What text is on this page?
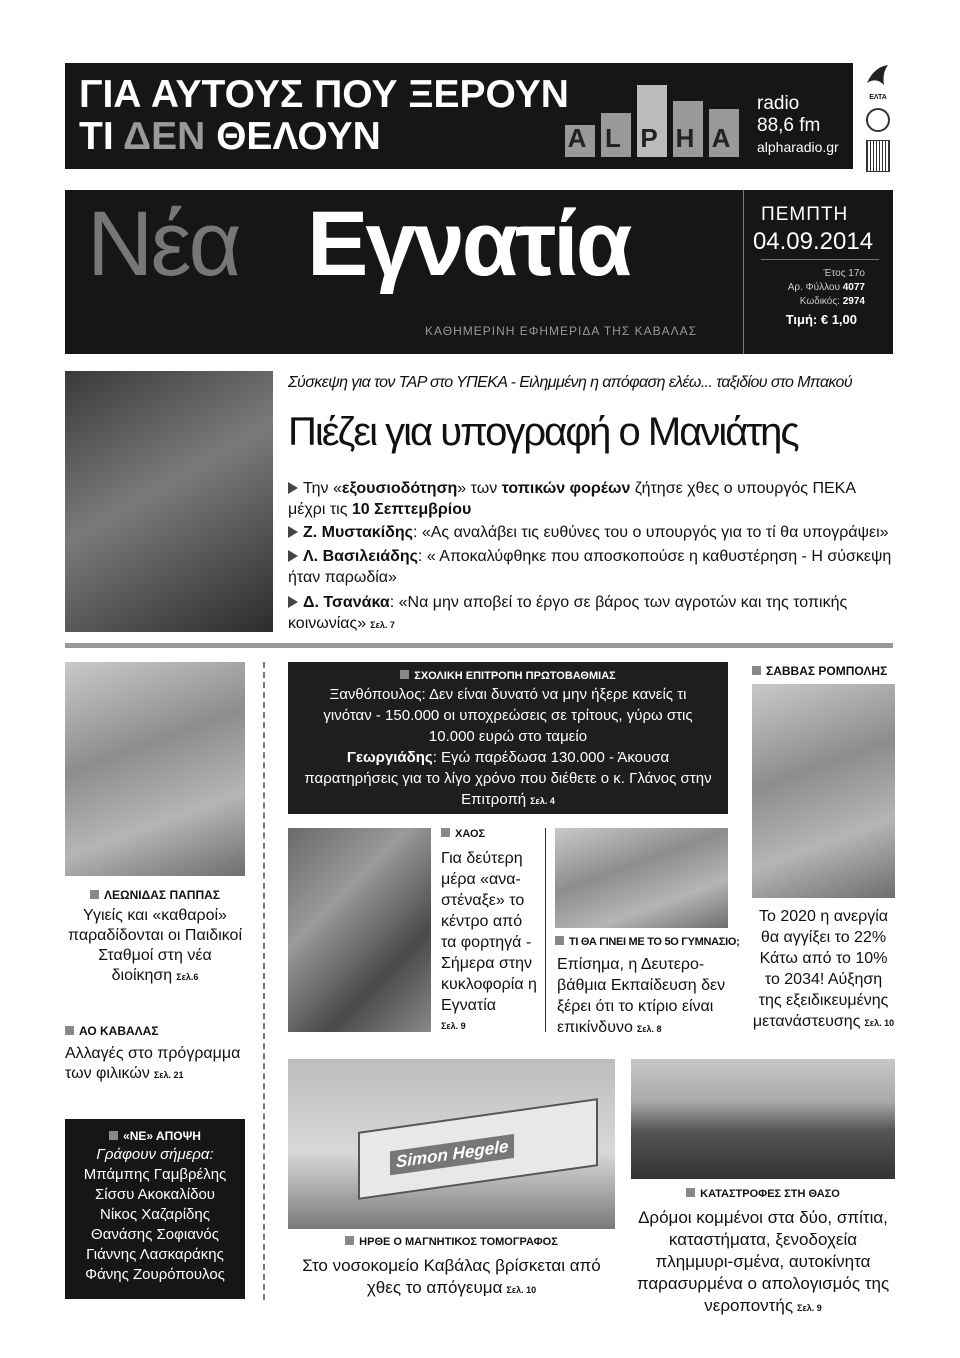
ΓΙΑ ΑΥΤΟΥΣ ΠΟΥ ΞΕΡΟΥΝ
ΤΙ ΔΕΝ ΘΕΛΟΥΝ	A L P H A
radio
88,6 fm
alpharadio.gr
ΕΛΤΑ
Νέα Εγνατία
ΚΑΘΗΜΕΡΙΝΗ ΕΦΗΜΕΡΙΔΑ ΤΗΣ ΚΑΒΑΛΑΣ
ΠΕΜΠΤΗ
04.09.2014
Έτος 17ο
Αρ. Φύλλου 4077
Κωδικός: 2974
Τιμή: € 1,00
Σύσκεψη για τον TAP στο ΥΠΕΚΑ - Ειλημμένη η απόφαση ελέω... ταξιδίου στο Μπακού
Πιέζει για υπογραφή ο Μανιάτης
Την «εξουσιοδότηση» των τοπικών φορέων ζήτησε χθες ο υπουργός ΠΕΚΑ μέχρι τις 10 Σεπτεμβρίου
Ζ. Μυστακίδης: «Ας αναλάβει τις ευθύνες του ο υπουργός για το τί θα υπογράψει»
Λ. Βασιλειάδης: « Αποκαλύφθηκε που αποσκοπούσε η καθυστέρηση - Η σύσκεψη ήταν παρωδία»
Δ. Τσανάκα: «Να μην αποβεί το έργο σε βάρος των αγροτών και της τοπικής κοινωνίας» Σελ. 7
ΛΕΩΝΙΔΑΣ ΠΑΠΠΑΣ
Υγιείς και «καθαροί» παραδίδονται οι Παιδικοί Σταθμοί στη νέα διοίκηση Σελ.6
ΑΟ ΚΑΒΑΛΑΣ
Αλλαγές στο πρόγραμμα των φιλικών Σελ. 21
«ΝΕ» ΑΠΟΨΗ
Γράφουν σήμερα:
Μπάμπης Γαμβρέλης
Σίσσυ Ακοκαλίδου
Νίκος Χαζαρίδης
Θανάσης Σοφιανός
Γιάννης Λασκαράκης
Φάνης Ζουρόπουλος
ΣΧΟΛΙΚΗ ΕΠΙΤΡΟΠΗ ΠΡΩΤΟΒΑΘΜΙΑΣ
Ξανθόπουλος: Δεν είναι δυνατό να μην ήξερε κανείς τι γινόταν - 150.000 οι υποχρεώσεις σε τρίτους, γύρω στις 10.000 ευρώ στο ταμείο
Γεωργιάδης: Εγώ παρέδωσα 130.000 - Άκουσα παρατηρήσεις για το λίγο χρόνο που διέθετε ο κ. Γλάνος στην Επιτροπή Σελ. 4
ΧΑΟΣ
Για δεύτερη μέρα «ανα-στέναξε» το κέντρο από τα φορτηγά - Σήμερα στην κυκλοφορία η Εγνατία
Σελ. 9
ΤΙ ΘΑ ΓΙΝΕΙ ΜΕ ΤΟ 5Ο ΓΥΜΝΑΣΙΟ;
Επίσημα, η Δευτερο-βάθμια Εκπαίδευση δεν ξέρει ότι το κτίριο είναι επικίνδυνο Σελ. 8
ΣΑΒΒΑΣ ΡΟΜΠΟΛΗΣ
Το 2020 η ανεργία θα αγγίξει το 22% Κάτω από το 10% το 2034! Αύξηση της εξειδικευμένης μετανάστευσης Σελ. 10
Simon Hegele
ΗΡΘΕ Ο ΜΑΓΝΗΤΙΚΟΣ ΤΟΜΟΓΡΑΦΟΣ
Στο νοσοκομείο Καβάλας βρίσκεται από χθες το απόγευμα Σελ. 10
ΚΑΤΑΣΤΡΟΦΕΣ ΣΤΗ ΘΑΣΟ
Δρόμοι κομμένοι στα δύο, σπίτια, καταστήματα, ξενοδοχεία πλημμυρι-σμένα, αυτοκίνητα παρασυρμένα ο απολογισμός της νεροποντής Σελ. 9
